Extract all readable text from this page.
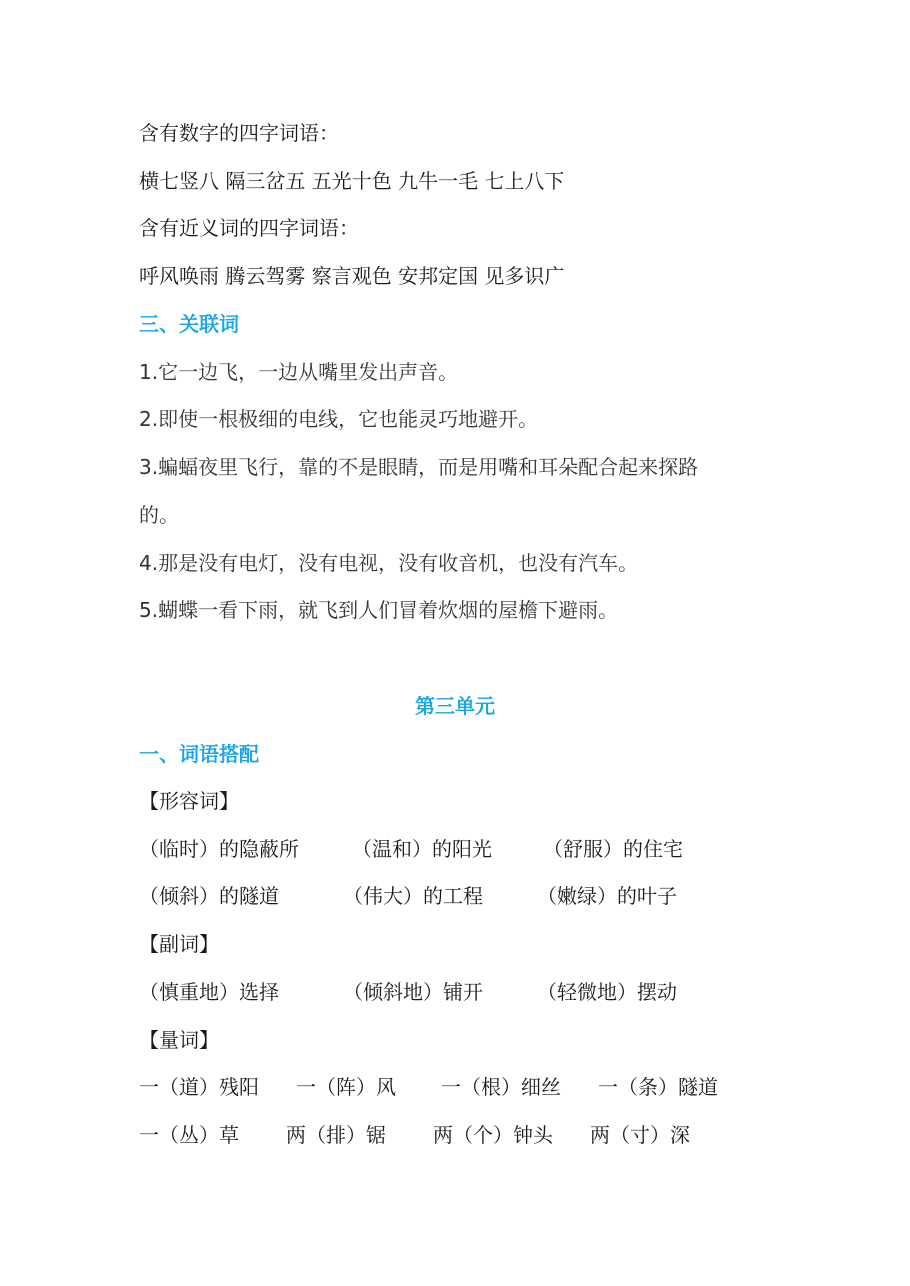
含有数字的四字词语：
横七竖八 隔三岔五 五光十色 九牛一毛 七上八下
含有近义词的四字词语：
呼风唤雨 腾云驾雾 察言观色 安邦定国 见多识广
三、关联词
1.它一边飞，一边从嘴里发出声音。
2.即使一根极细的电线，它也能灵巧地避开。
3.蝙蝠夜里飞行，靠的不是眼睛，而是用嘴和耳朵配合起来探路
的。
4.那是没有电灯，没有电视，没有收音机，也没有汽车。
5.蝴蝶一看下雨，就飞到人们冒着炊烟的屋檐下避雨。
第三单元
一、词语搭配
【形容词】
（临时）的隐蔽所	（温和）的阳光	（舒服）的住宅
（倾斜）的隧道	（伟大）的工程	（嫩绿）的叶子
【副词】
（慎重地）选择	（倾斜地）铺开	（轻微地）摆动
【量词】
一（道）残阳 一（阵）风 一（根）细丝 一（条）隧道
一（丛）草 两（排）锯 两（个）钟头 两（寸）深
